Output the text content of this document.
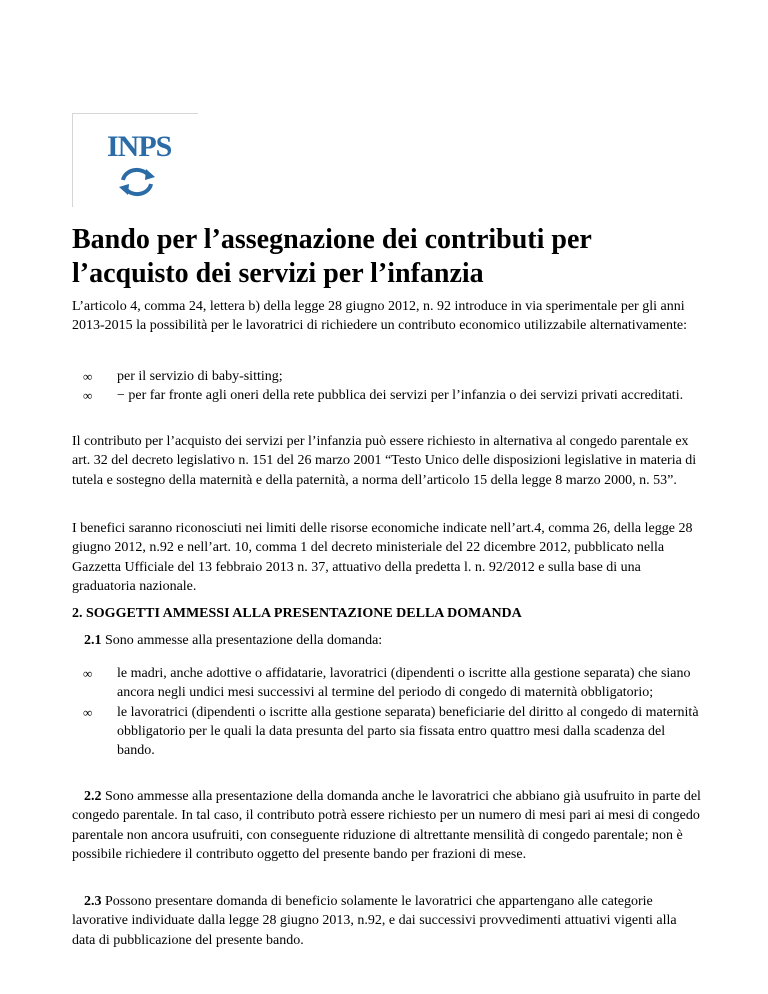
INPS
Bando per l’assegnazione dei contributi per l’acquisto dei servizi per l’infanzia

L’articolo 4, comma 24, lettera b) della legge 28 giugno 2012, n. 92 introduce in via sperimentale per gli anni 2013-2015 la possibilità per le lavoratrici di richiedere un contributo economico utilizzabile alternativamente:

∞ per il servizio di baby-sitting;
∞ − per far fronte agli oneri della rete pubblica dei servizi per l’infanzia o dei servizi privati accreditati.

Il contributo per l’acquisto dei servizi per l’infanzia può essere richiesto in alternativa al congedo parentale ex art. 32 del decreto legislativo n. 151 del 26 marzo 2001 “Testo Unico delle disposizioni legislative in materia di tutela e sostegno della maternità e della paternità, a norma dell’articolo 15 della legge 8 marzo 2000, n. 53”.

I benefici saranno riconosciuti nei limiti delle risorse economiche indicate nell’art.4, comma 26, della legge 28 giugno 2012, n.92 e nell’art. 10, comma 1 del decreto ministeriale del 22 dicembre 2012, pubblicato nella Gazzetta Ufficiale del 13 febbraio 2013 n. 37, attuativo della predetta l. n. 92/2012 e sulla base di una graduatoria nazionale.

2. SOGGETTI AMMESSI ALLA PRESENTAZIONE DELLA DOMANDA

2.1 Sono ammesse alla presentazione della domanda:

∞ le madri, anche adottive o affidatarie, lavoratrici (dipendenti o iscritte alla gestione separata) che siano ancora negli undici mesi successivi al termine del periodo di congedo di maternità obbligatorio;
∞ le lavoratrici (dipendenti o iscritte alla gestione separata) beneficiarie del diritto al congedo di maternità obbligatorio per le quali la data presunta del parto sia fissata entro quattro mesi dalla scadenza del bando.

2.2 Sono ammesse alla presentazione della domanda anche le lavoratrici che abbiano già usufruito in parte del congedo parentale. In tal caso, il contributo potrà essere richiesto per un numero di mesi pari ai mesi di congedo parentale non ancora usufruiti, con conseguente riduzione di altrettante mensilità di congedo parentale; non è possibile richiedere il contributo oggetto del presente bando per frazioni di mese.

2.3 Possono presentare domanda di beneficio solamente le lavoratrici che appartengano alle categorie lavorative individuate dalla legge 28 giugno 2013, n.92, e dai successivi provvedimenti attuativi vigenti alla data di pubblicazione del presente bando.
